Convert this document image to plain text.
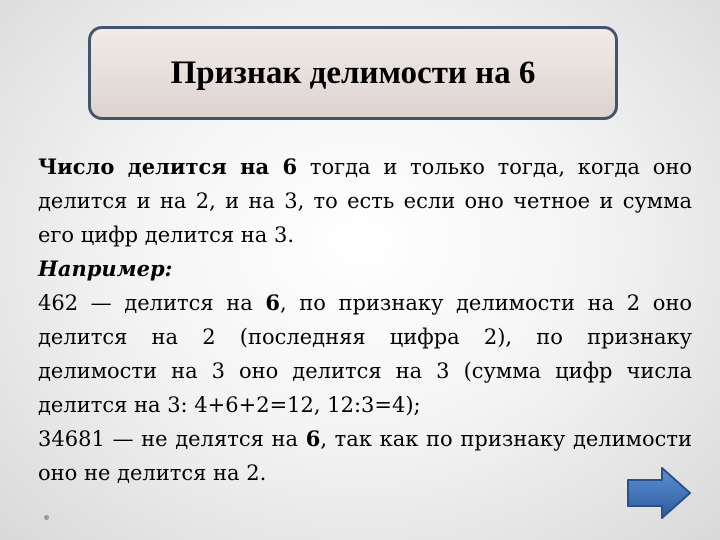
Признак делимости на 6

Число делится на 6 тогда и только тогда, когда оно делится и на 2, и на 3, то есть если оно четное и сумма его цифр делится на 3.

Например:

462 — делится на 6, по признаку делимости на 2 оно делится на 2 (последняя цифра 2), по признаку делимости на 3 оно делится на 3 (сумма цифр числа делится на 3: 4+6+2=12, 12:3=4);

34681 — не делятся на 6, так как по признаку делимости оно не делится на 2.
